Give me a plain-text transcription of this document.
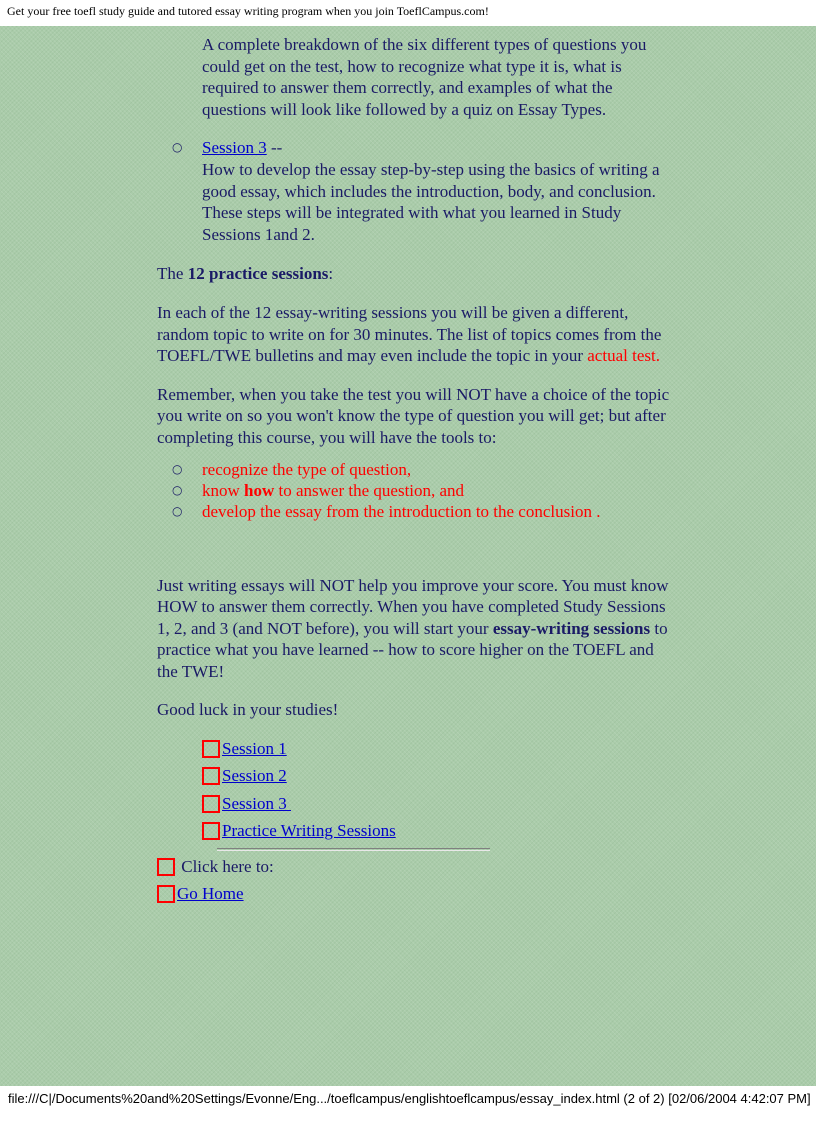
Get your free toefl study guide and tutored essay writing program when you join ToeflCampus.com!

A complete breakdown of the six different types of questions you could get on the test, how to recognize what type it is, what is required to answer them correctly, and examples of what the questions will look like followed by a quiz on Essay Types.

○ Session 3 --
How to develop the essay step-by-step using the basics of writing a good essay, which includes the introduction, body, and conclusion. These steps will be integrated with what you learned in Study Sessions 1and 2.

The 12 practice sessions:

In each of the 12 essay-writing sessions you will be given a different, random topic to write on for 30 minutes. The list of topics comes from the TOEFL/TWE bulletins and may even include the topic in your actual test.

Remember, when you take the test you will NOT have a choice of the topic you write on so you won't know the type of question you will get; but after completing this course, you will have the tools to:

○ recognize the type of question,
○ know how to answer the question, and
○ develop the essay from the introduction to the conclusion .

Just writing essays will NOT help you improve your score. You must know HOW to answer them correctly. When you have completed Study Sessions 1, 2, and 3 (and NOT before), you will start your essay-writing sessions to practice what you have learned -- how to score higher on the TOEFL and the TWE!

Good luck in your studies!

Session 1
Session 2
Session 3
Practice Writing Sessions
Click here to:
Go Home
file:///C|/Documents%20and%20Settings/Evonne/Eng.../toeflcampus/englishtoeflcampus/essay_index.html (2 of 2) [02/06/2004 4:42:07 PM]
